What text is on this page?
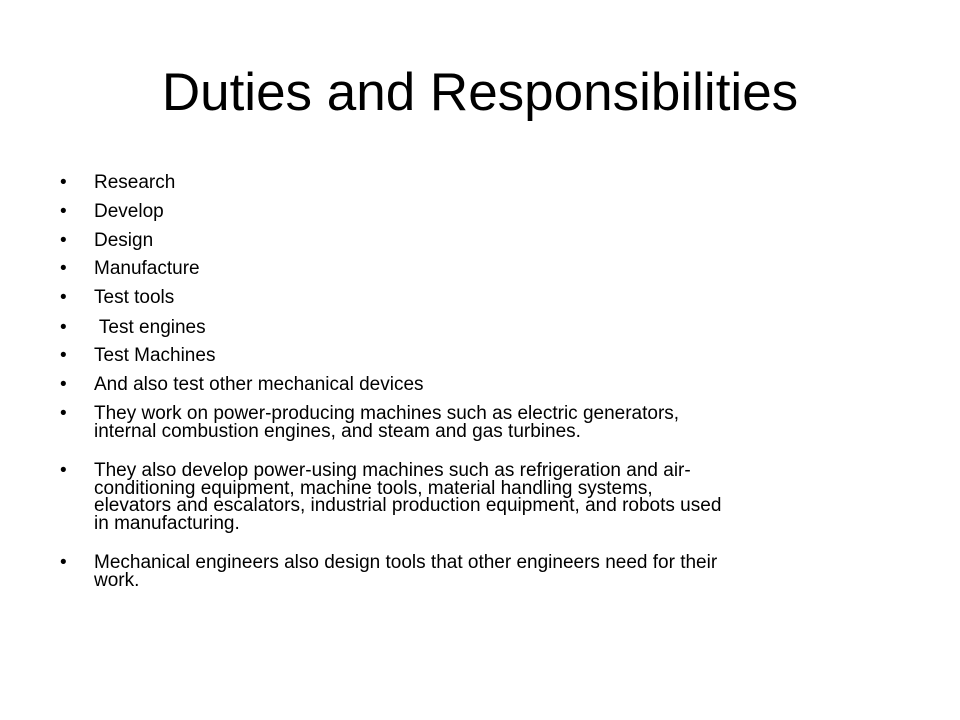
Duties and Responsibilities
• Research
• Develop
• Design
• Manufacture
• Test tools
• Test engines
• Test Machines
• And also test other mechanical devices
• They work on power-producing machines such as electric generators,
internal combustion engines, and steam and gas turbines.
• They also develop power-using machines such as refrigeration and air-
conditioning equipment, machine tools, material handling systems,
elevators and escalators, industrial production equipment, and robots used
in manufacturing.
• Mechanical engineers also design tools that other engineers need for their
work.
